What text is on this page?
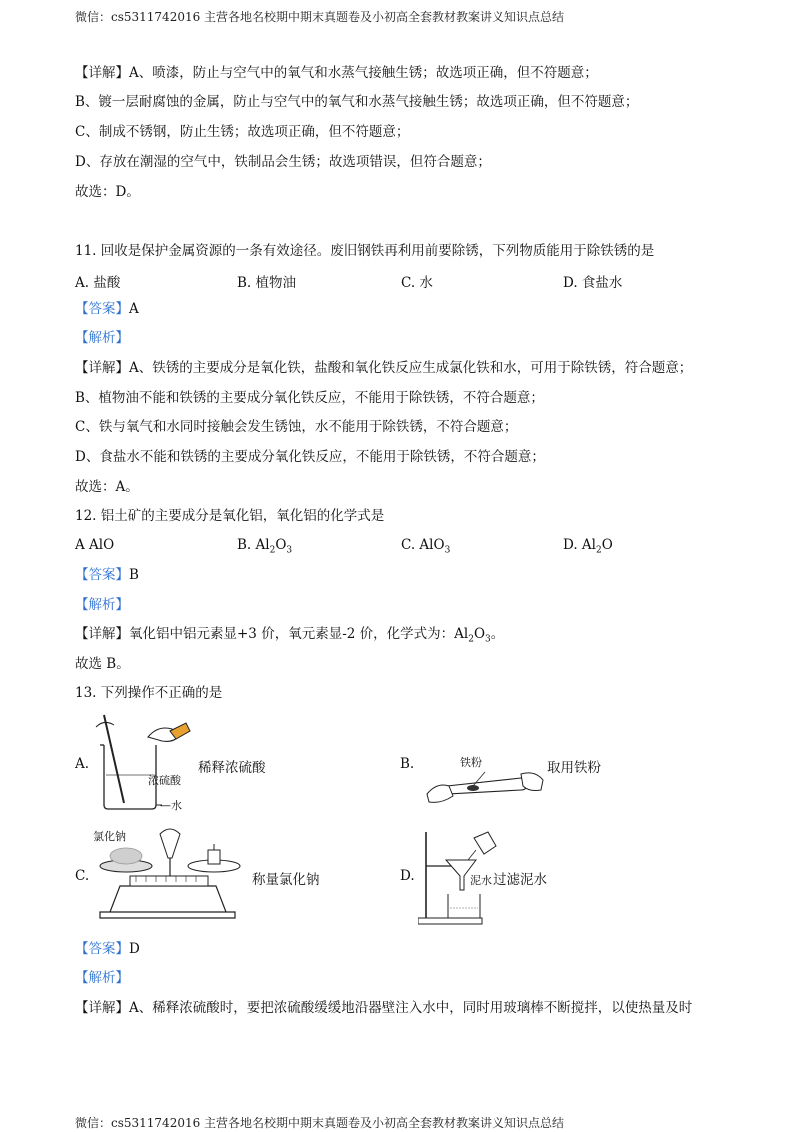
微信：cs5311742016 主营各地名校期中期末真题卷及小初高全套教材教案讲义知识点总结
【详解】A、喷漆，防止与空气中的氧气和水蒸气接触生锈；故选项正确，但不符题意；
B、镀一层耐腐蚀的金属，防止与空气中的氧气和水蒸气接触生锈；故选项正确，但不符题意；
C、制成不锈钢，防止生锈；故选项正确，但不符题意；
D、存放在潮湿的空气中，铁制品会生锈；故选项错误，但符合题意；
故选：D。
11. 回收是保护金属资源的一条有效途径。废旧钢铁再利用前要除锈，下列物质能用于除铁锈的是
A. 盐酸	B. 植物油	C. 水	D. 食盐水
【答案】A
【解析】
【详解】A、铁锈的主要成分是氧化铁，盐酸和氧化铁反应生成氯化铁和水，可用于除铁锈，符合题意；
B、植物油不能和铁锈的主要成分氧化铁反应，不能用于除铁锈，不符合题意；
C、铁与氧气和水同时接触会发生锈蚀，水不能用于除铁锈，不符合题意；
D、食盐水不能和铁锈的主要成分氧化铁反应，不能用于除铁锈，不符合题意；
故选：A。
12. 铝土矿的主要成分是氧化铝，氧化铝的化学式是
A AlO	B. $Al_2O_3$	C. AlO$_3$	D. $Al_2O$
【答案】B
【解析】
【详解】氧化铝中铝元素显+3 价，氧元素显-2 价，化学式为：$Al_2O_3$。
故选 B。
13. 下列操作不正确的是
A.
浓硫酸
—水
稀释浓硫酸	B.	铁粉	取用铁粉
氯化钠
C.	称量氯化钠	D.	泥水 过滤泥水
【答案】D
【解析】
【详解】A、稀释浓硫酸时，要把浓硫酸缓缓地沿器壁注入水中，同时用玻璃棒不断搅拌，以使热量及时
微信：cs5311742016 主营各地名校期中期末真题卷及小初高全套教材教案讲义知识点总结
